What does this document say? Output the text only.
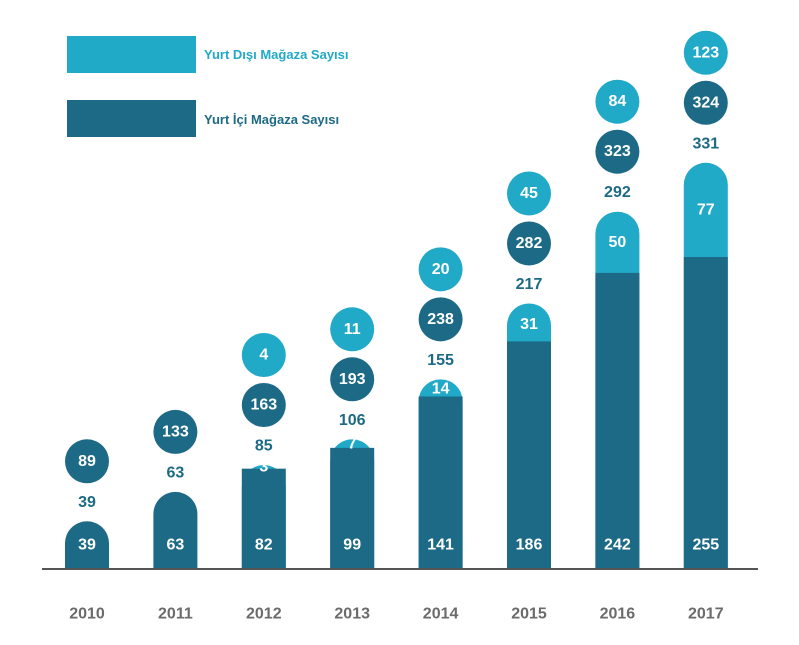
Yurt Dışı Mağaza Sayısı
Yurt İçi Mağaza Sayısı
39
39
89
2010
63
63
133
2011
82
3
85
163
4
2012
99
7
106
193
11
2013
141
14
155
238
20
2014
186
31
217
282
45
2015
242
50
292
323
84
2016
255
77
331
324
123
2017
